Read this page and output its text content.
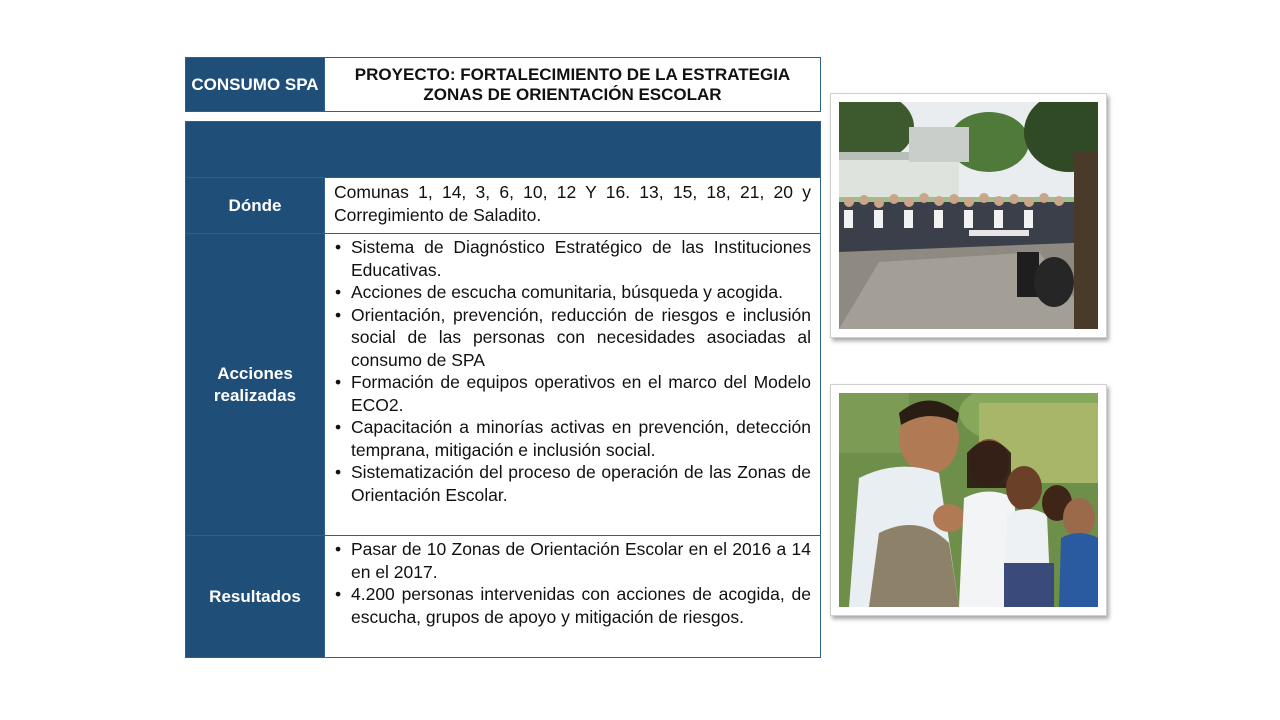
CONSUMO SPA
PROYECTO: FORTALECIMIENTO DE LA ESTRATEGIA ZONAS DE ORIENTACIÓN ESCOLAR
Dónde
Comunas 1, 14, 3, 6, 10, 12 Y 16. 13, 15, 18, 21, 20 y Corregimiento de Saladito.
Acciones realizadas
• Sistema de Diagnóstico Estratégico de las Instituciones Educativas.
• Acciones de escucha comunitaria, búsqueda y acogida.
• Orientación, prevención, reducción de riesgos e inclusión social de las personas con necesidades asociadas al consumo de SPA
• Formación de equipos operativos en el marco del Modelo ECO2.
• Capacitación a minorías activas en prevención, detección temprana, mitigación e inclusión social.
• Sistematización del proceso de operación de las Zonas de Orientación Escolar.
Resultados
• Pasar de 10 Zonas de Orientación Escolar en el 2016 a 14 en el 2017.
• 4.200 personas intervenidas con acciones de acogida, de escucha, grupos de apoyo y mitigación de riesgos.
